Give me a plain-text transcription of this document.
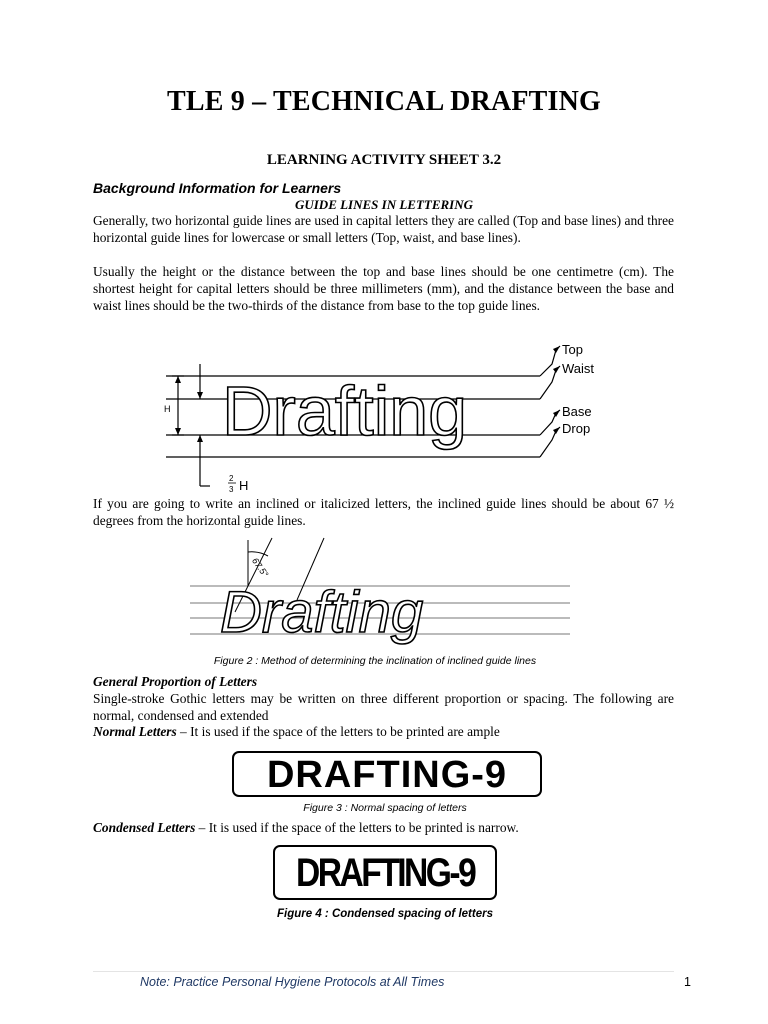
TLE 9 – TECHNICAL DRAFTING
LEARNING ACTIVITY SHEET 3.2
Background Information for Learners
GUIDE LINES IN LETTERING
Generally, two horizontal guide lines are used in capital letters they are called (Top and base lines) and three horizontal guide lines for lowercase or small letters (Top, waist, and base lines).
Usually the height or the distance between the top and base lines should be one centimetre (cm). The shortest height for capital letters should be three millimeters (mm), and the distance between the base and waist lines should be the two-thirds of the distance from base to the top guide lines.
Drafting
Top
Waist
Base
Drop
H
2
3 H
If you are going to write an inclined or italicized letters, the inclined guide lines should be about 67 ½ degrees from the horizontal guide lines.
67.5°
Drafting
Figure 2 : Method of determining the inclination of inclined guide lines
General Proportion of Letters
Single-stroke Gothic letters may be written on three different proportion or spacing. The following are normal, condensed and extended
Normal Letters – It is used if the space of the letters to be printed are ample
DRAFTING-9
Figure 3 : Normal spacing of letters
Condensed Letters – It is used if the space of the letters to be printed is narrow.
DRAFTING-9
Figure 4 : Condensed spacing of letters
Note: Practice Personal Hygiene Protocols at All Times	1
